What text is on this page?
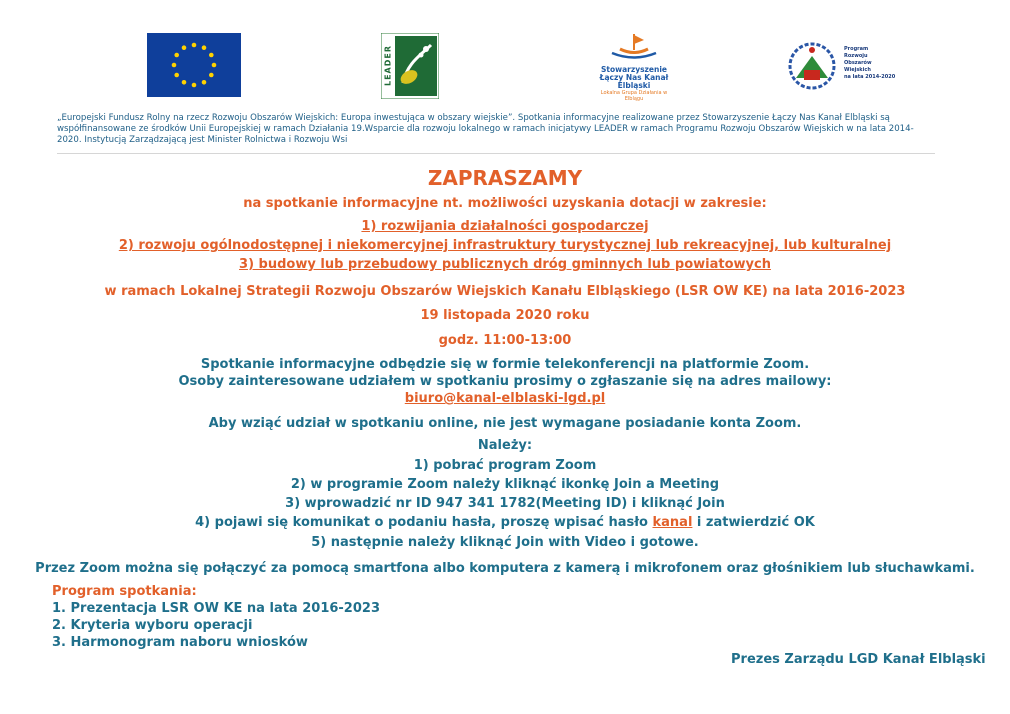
LEADER	Stowarzyszenie
Łączy Nas Kanał Elbląski
Lokalna Grupa Działania w Elblągu
Program
Rozwoju
Obszarów
Wiejskich
na lata 2014-2020
„Europejski Fundusz Rolny na rzecz Rozwoju Obszarów Wiejskich: Europa inwestująca w obszary wiejskie”. Spotkania informacyjne realizowane przez Stowarzyszenie Łączy Nas Kanał Elbląski są współfinansowane ze środków Unii Europejskiej w ramach Działania 19.Wsparcie dla rozwoju lokalnego w ramach inicjatywy LEADER w ramach Programu Rozwoju Obszarów Wiejskich w na lata 2014-2020. Instytucją Zarządzającą jest Minister Rolnictwa i Rozwoju Wsi
ZAPRASZAMY
na spotkanie informacyjne nt. możliwości uzyskania dotacji w zakresie:
1) rozwijania działalności gospodarczej
2) rozwoju ogólnodostępnej i niekomercyjnej infrastruktury turystycznej lub rekreacyjnej, lub kulturalnej
3) budowy lub przebudowy publicznych dróg gminnych lub powiatowych
w ramach Lokalnej Strategii Rozwoju Obszarów Wiejskich Kanału Elbląskiego (LSR OW KE) na lata 2016-2023
19 listopada 2020 roku
godz. 11:00-13:00
Spotkanie informacyjne odbędzie się w formie telekonferencji na platformie Zoom.
Osoby zainteresowane udziałem w spotkaniu prosimy o zgłaszanie się na adres mailowy:
biuro@kanal-elblaski-lgd.pl
Aby wziąć udział w spotkaniu online, nie jest wymagane posiadanie konta Zoom.
Należy:
1) pobrać program Zoom
2) w programie Zoom należy kliknąć ikonkę Join a Meeting
3) wprowadzić nr ID 947 341 1782(Meeting ID) i kliknąć Join
4) pojawi się komunikat o podaniu hasła, proszę wpisać hasło kanal i zatwierdzić OK
5) następnie należy kliknąć Join with Video i gotowe.
Przez Zoom można się połączyć za pomocą smartfona albo komputera z kamerą i mikrofonem oraz głośnikiem lub słuchawkami.
Program spotkania:
1. Prezentacja LSR OW KE na lata 2016-2023
2. Kryteria wyboru operacji
3. Harmonogram naboru wniosków
Prezes Zarządu LGD Kanał Elbląski
